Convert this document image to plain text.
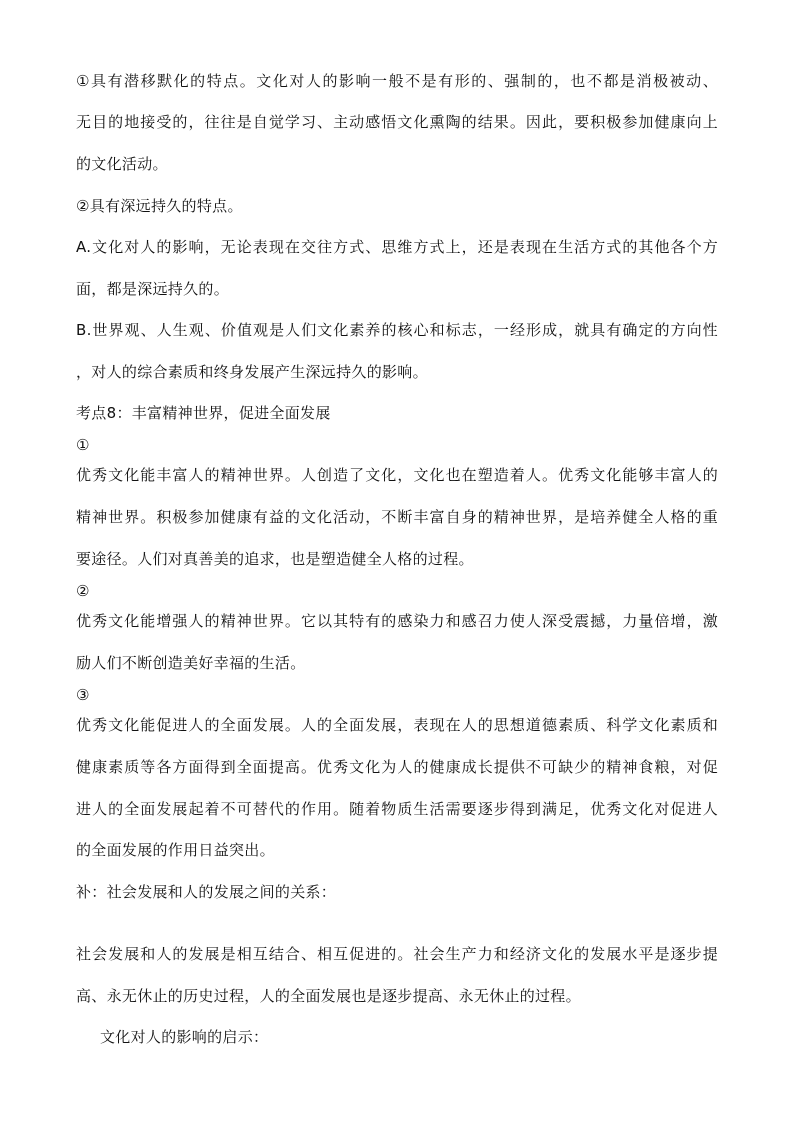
①具有潜移默化的特点。文化对人的影响一般不是有形的、强制的，也不都是消极被动、
无目的地接受的，往往是自觉学习、主动感悟文化熏陶的结果。因此，要积极参加健康向上
的文化活动。
②具有深远持久的特点。
A.文化对人的影响，无论表现在交往方式、思维方式上，还是表现在生活方式的其他各个方
面，都是深远持久的。
B.世界观、人生观、价值观是人们文化素养的核心和标志，一经形成，就具有确定的方向性
，对人的综合素质和终身发展产生深远持久的影响。
考点8：丰富精神世界，促进全面发展
①
优秀文化能丰富人的精神世界。人创造了文化，文化也在塑造着人。优秀文化能够丰富人的
精神世界。积极参加健康有益的文化活动，不断丰富自身的精神世界，是培养健全人格的重
要途径。人们对真善美的追求，也是塑造健全人格的过程。
②
优秀文化能增强人的精神世界。它以其特有的感染力和感召力使人深受震撼，力量倍增，激
励人们不断创造美好幸福的生活。
③
优秀文化能促进人的全面发展。人的全面发展，表现在人的思想道德素质、科学文化素质和
健康素质等各方面得到全面提高。优秀文化为人的健康成长提供不可缺少的精神食粮，对促
进人的全面发展起着不可替代的作用。随着物质生活需要逐步得到满足，优秀文化对促进人
的全面发展的作用日益突出。
补：社会发展和人的发展之间的关系：
社会发展和人的发展是相互结合、相互促进的。社会生产力和经济文化的发展水平是逐步提
高、永无休止的历史过程，人的全面发展也是逐步提高、永无休止的过程。
文化对人的影响的启示：
